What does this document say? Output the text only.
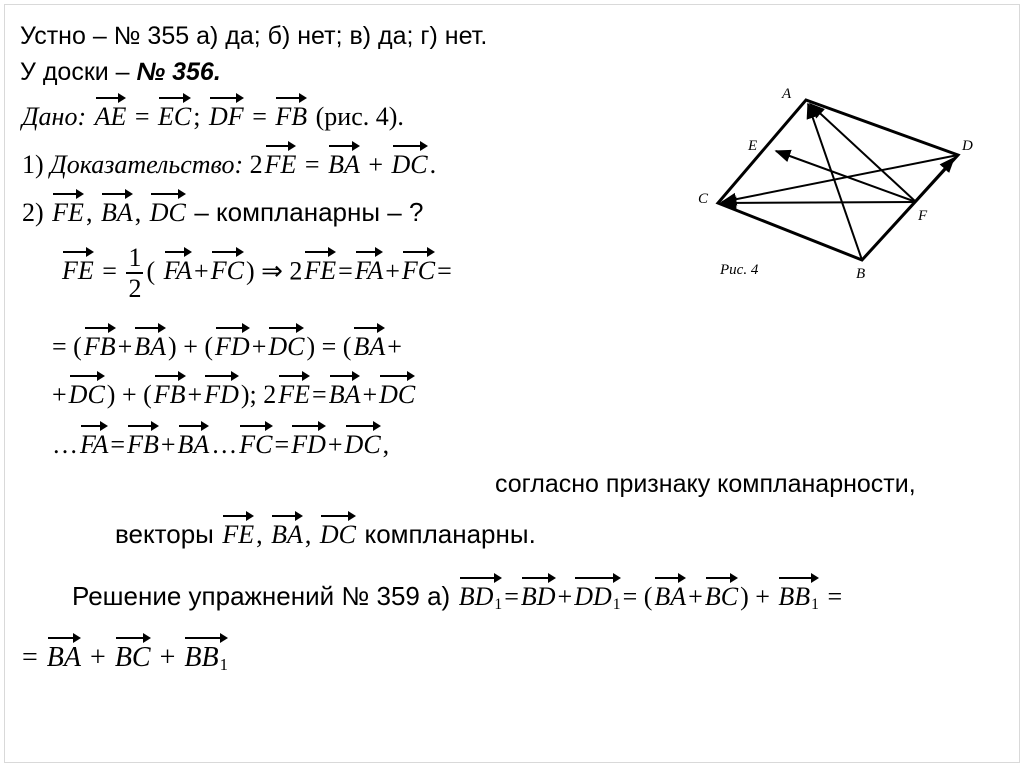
Устно – № 355 а) да; б) нет; в) да; г) нет.
У доски – № 356.
Дано: AE = EC; DF = FB (рис. 4).
1) Доказательство: 2FE = BA + DC.
2) FE, BA, DC – компланарны – ?
FE = $\frac{1}{2}$ ( FA+FC) ⇒ 2FE=FA+FC=
= (FB+BA) + (FD+DC) = (BA+
+DC) + (FB+FD); 2FE=BA+DC
…FA=FB+BA…FC=FD+DC,
согласно признаку компланарности,
векторы FE, BA, DC компланарны.
Решение упражнений № 359 а) $BD_1=BD+DD_1= (BA+BC) + BB_1$ =
= BA + BC + $BB_1$
A
B
C
D
E
F
Рис. 4
